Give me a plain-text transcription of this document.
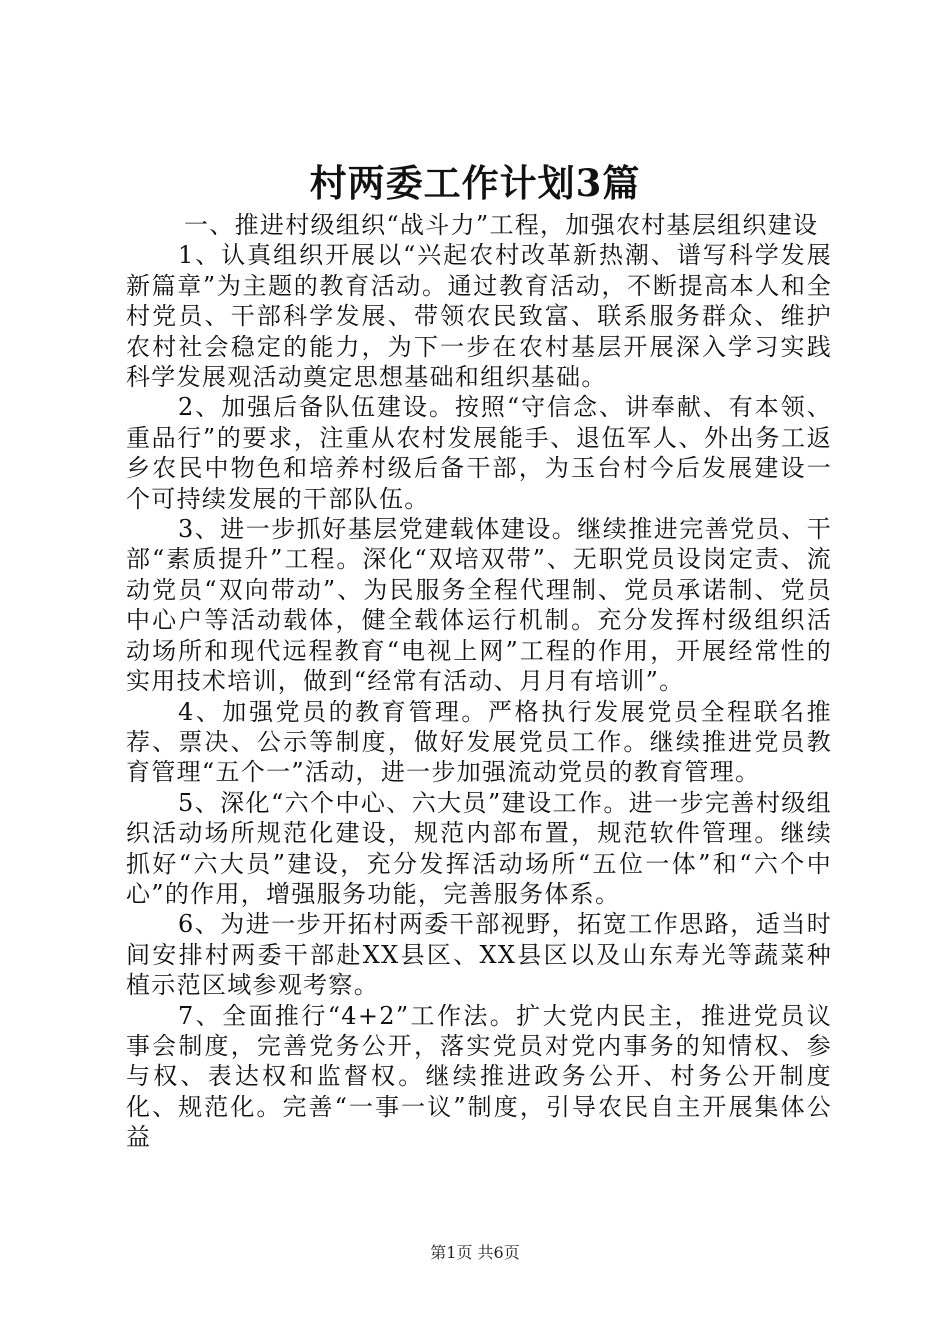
村两委工作计划3篇

一、推进村级组织“战斗力”工程，加强农村基层组织建设

1、认真组织开展以“兴起农村改革新热潮、谱写科学发展新篇章”为主题的教育活动。通过教育活动，不断提高本人和全村党员、干部科学发展、带领农民致富、联系服务群众、维护农村社会稳定的能力，为下一步在农村基层开展深入学习实践科学发展观活动奠定思想基础和组织基础。

2、加强后备队伍建设。按照“守信念、讲奉献、有本领、重品行”的要求，注重从农村发展能手、退伍军人、外出务工返乡农民中物色和培养村级后备干部，为玉台村今后发展建设一个可持续发展的干部队伍。

3、进一步抓好基层党建载体建设。继续推进完善党员、干部“素质提升”工程。深化“双培双带”、无职党员设岗定责、流动党员“双向带动”、为民服务全程代理制、党员承诺制、党员中心户等活动载体，健全载体运行机制。充分发挥村级组织活动场所和现代远程教育“电视上网”工程的作用，开展经常性的实用技术培训，做到“经常有活动、月月有培训”。

4、加强党员的教育管理。严格执行发展党员全程联名推荐、票决、公示等制度，做好发展党员工作。继续推进党员教育管理“五个一”活动，进一步加强流动党员的教育管理。

5、深化“六个中心、六大员”建设工作。进一步完善村级组织活动场所规范化建设，规范内部布置，规范软件管理。继续抓好“六大员”建设，充分发挥活动场所“五位一体”和“六个中心”的作用，增强服务功能，完善服务体系。

6、为进一步开拓村两委干部视野，拓宽工作思路，适当时间安排村两委干部赴XX县区、XX县区以及山东寿光等蔬菜种植示范区域参观考察。

7、全面推行“4+2”工作法。扩大党内民主，推进党员议事会制度，完善党务公开，落实党员对党内事务的知情权、参与权、表达权和监督权。继续推进政务公开、村务公开制度化、规范化。完善“一事一议”制度，引导农民自主开展集体公益

第1页 共6页
